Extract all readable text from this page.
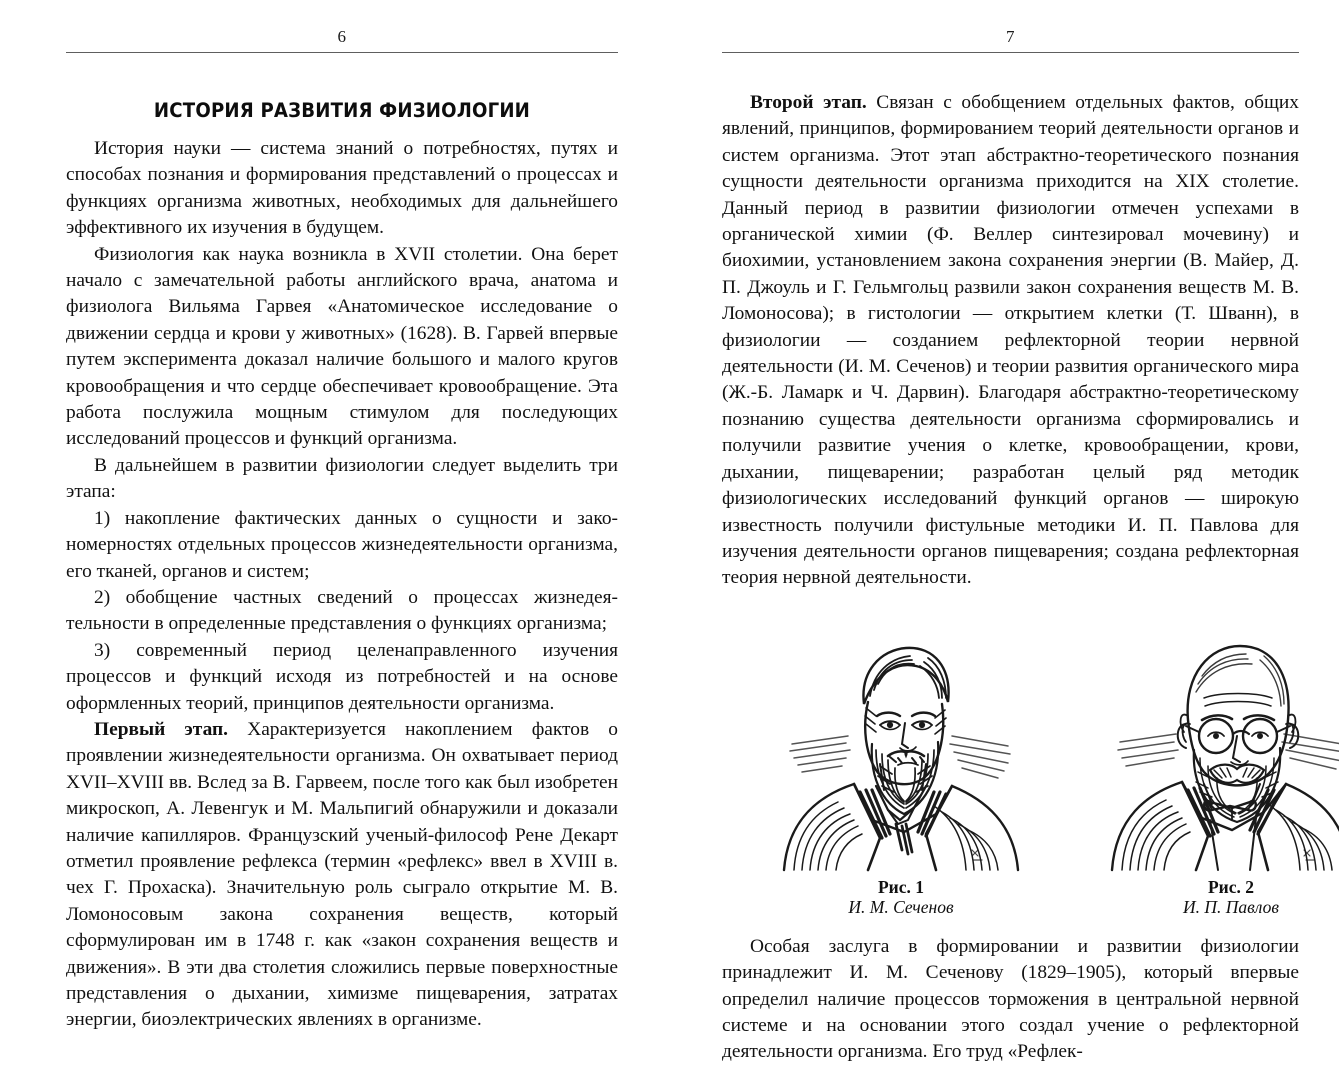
6
ИСТОРИЯ РАЗВИТИЯ ФИЗИОЛОГИИ

История науки — система знаний о потребностях, путях и способах познания и формирования представлений о процессах и функциях организма животных, необходимых для дальнейшего эффективного их изучения в будущем.

Физиология как наука возникла в XVII столетии. Она берет начало с замечательной работы английского врача, анатома и физиолога Вильяма Гарвея «Анатомическое исследование о движении сердца и крови у животных» (1628). В. Гарвей впервые путем эксперимента доказал наличие большого и малого кругов кровообращения и что сердце обеспечивает кровообращение. Эта работа послужила мощным стимулом для последующих исследований процессов и функций организма.

В дальнейшем в развитии физиологии следует выделить три этапа:

1) накопление фактических данных о сущности и закономерностях отдельных процессов жизнедеятельности организма, его тканей, органов и систем;

2) обобщение частных сведений о процессах жизнедеятельности в определенные представления о функциях организма;

3) современный период целенаправленного изучения процессов и функций исходя из потребностей и на основе оформленных теорий, принципов деятельности организма.

Первый этап. Характеризуется накоплением фактов о проявлении жизнедеятельности организма. Он охватывает период XVII–XVIII вв. Вслед за В. Гарвеем, после того как был изобретен микроскоп, А. Левенгук и М. Мальпигий обнаружили и доказали наличие капилляров. Французский ученый-философ Рене Декарт отметил проявление рефлекса (термин «рефлекс» ввел в XVIII в. чех Г. Прохаска). Значительную роль сыграло открытие М. В. Ломоносовым закона сохранения веществ, который сформулирован им в 1748 г. как «закон сохранения веществ и движения». В эти два столетия сложились первые поверхностные представления о дыхании, химизме пищеварения, затратах энергии, биоэлектрических явлениях в организме.

7

Второй этап. Связан с обобщением отдельных фактов, общих явлений, принципов, формированием теорий деятельности органов и систем организма. Этот этап абстрактно-теоретического познания сущности деятельности организма приходится на XIX столетие. Данный период в развитии физиологии отмечен успехами в органической химии (Ф. Веллер синтезировал мочевину) и биохимии, установлением закона сохранения энергии (В. Майер, Д. П. Джоуль и Г. Гельмгольц развили закон сохранения веществ М. В. Ломоносова); в гистологии — открытием клетки (Т. Шванн), в физиологии — созданием рефлекторной теории нервной деятельности (И. М. Сеченов) и теории развития органического мира (Ж.-Б. Ламарк и Ч. Дарвин). Благодаря абстрактно-теоретическому познанию существа деятельности организма сформировались и получили развитие учения о клетке, кровообращении, крови, дыхании, пищеварении; разработан целый ряд методик физиологических исследований функций органов — широкую известность получили фистульные методики И. П. Павлова для изучения деятельности органов пищеварения; создана рефлекторная теория нервной деятельности.

Рис. 1
И. М. Сеченов
Рис. 2
И. П. Павлов

Особая заслуга в формировании и развитии физиологии принадлежит И. М. Сеченову (1829–1905), который впервые определил наличие процессов торможения в центральной нервной системе и на основании этого создал учение о рефлекторной деятельности организма. Его труд «Рефлек-
